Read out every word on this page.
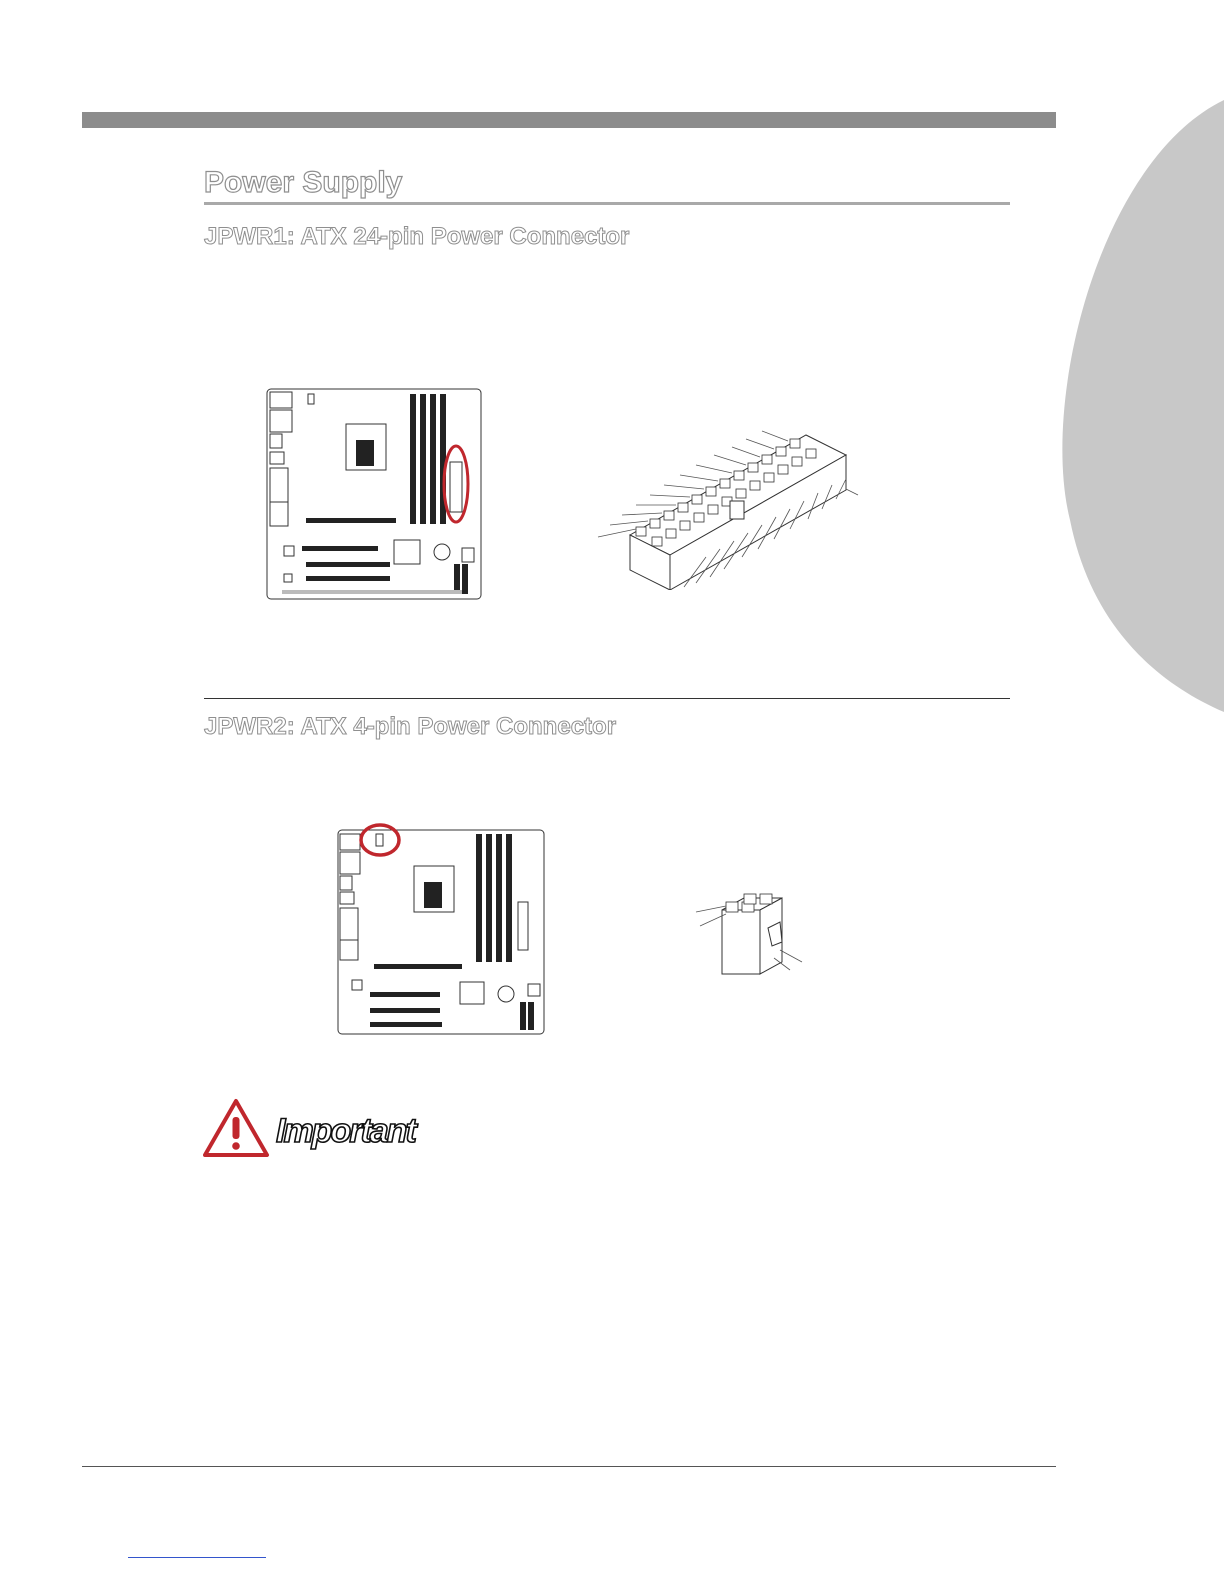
Power Supply
JPWR1: ATX 24-pin Power Connector
JPWR2: ATX 4-pin Power Connector

Important
